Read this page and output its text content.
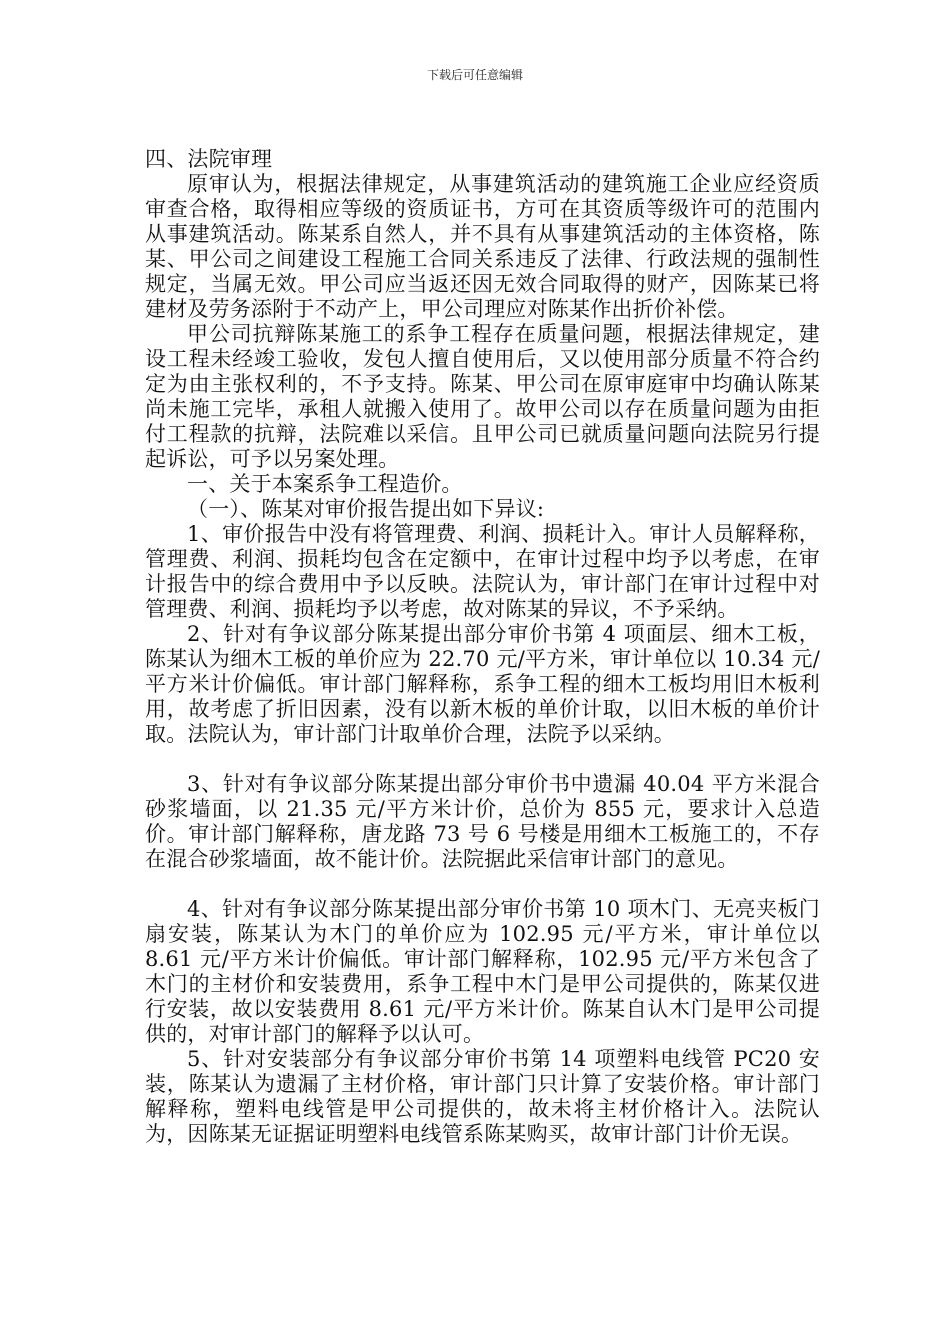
下载后可任意编辑

四、法院审理

原审认为，根据法律规定，从事建筑活动的建筑施工企业应经资质审查合格，取得相应等级的资质证书，方可在其资质等级许可的范围内从事建筑活动。陈某系自然人，并不具有从事建筑活动的主体资格，陈某、甲公司之间建设工程施工合同关系违反了法律、行政法规的强制性规定，当属无效。甲公司应当返还因无效合同取得的财产，因陈某已将建材及劳务添附于不动产上，甲公司理应对陈某作出折价补偿。

甲公司抗辩陈某施工的系争工程存在质量问题，根据法律规定，建设工程未经竣工验收，发包人擅自使用后，又以使用部分质量不符合约定为由主张权利的，不予支持。陈某、甲公司在原审庭审中均确认陈某尚未施工完毕，承租人就搬入使用了。故甲公司以存在质量问题为由拒付工程款的抗辩，法院难以采信。且甲公司已就质量问题向法院另行提起诉讼，可予以另案处理。

一、关于本案系争工程造价。

（一）、陈某对审价报告提出如下异议:

1、审价报告中没有将管理费、利润、损耗计入。审计人员解释称，管理费、利润、损耗均包含在定额中，在审计过程中均予以考虑，在审计报告中的综合费用中予以反映。法院认为，审计部门在审计过程中对管理费、利润、损耗均予以考虑，故对陈某的异议，不予采纳。

2、针对有争议部分陈某提出部分审价书第 4 项面层、细木工板，陈某认为细木工板的单价应为 22.70 元/平方米，审计单位以 10.34 元/平方米计价偏低。审计部门解释称，系争工程的细木工板均用旧木板利用，故考虑了折旧因素，没有以新木板的单价计取，以旧木板的单价计取。法院认为，审计部门计取单价合理，法院予以采纳。

3、针对有争议部分陈某提出部分审价书中遗漏 40.04 平方米混合砂浆墙面，以 21.35 元/平方米计价，总价为 855 元，要求计入总造价。审计部门解释称，唐龙路 73 号 6 号楼是用细木工板施工的，不存在混合砂浆墙面，故不能计价。法院据此采信审计部门的意见。

4、针对有争议部分陈某提出部分审价书第 10 项木门、无亮夹板门扇安装，陈某认为木门的单价应为 102.95 元/平方米，审计单位以 8.61 元/平方米计价偏低。审计部门解释称，102.95 元/平方米包含了木门的主材价和安装费用，系争工程中木门是甲公司提供的，陈某仅进行安装，故以安装费用 8.61 元/平方米计价。陈某自认木门是甲公司提供的，对审计部门的解释予以认可。

5、针对安装部分有争议部分审价书第 14 项塑料电线管 PC20 安装，陈某认为遗漏了主材价格，审计部门只计算了安装价格。审计部门解释称，塑料电线管是甲公司提供的，故未将主材价格计入。法院认为，因陈某无证据证明塑料电线管系陈某购买，故审计部门计价无误。
